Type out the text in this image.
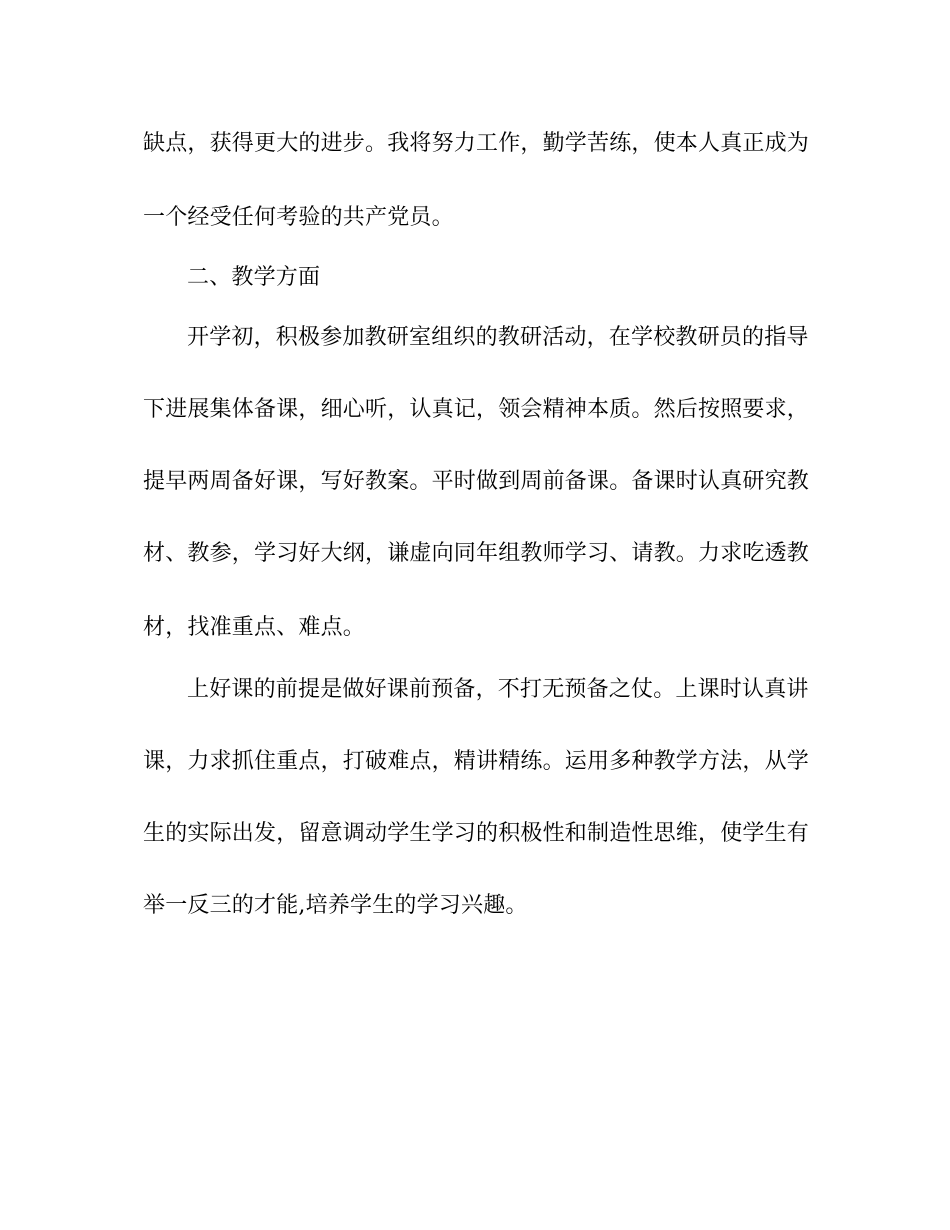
缺点，获得更大的进步。我将努力工作，勤学苦练，使本人真正成为
一个经受任何考验的共产党员。
二、教学方面
开学初，积极参加教研室组织的教研活动，在学校教研员的指导
下进展集体备课，细心听，认真记，领会精神本质。然后按照要求，
提早两周备好课，写好教案。平时做到周前备课。备课时认真研究教
材、教参，学习好大纲，谦虚向同年组教师学习、请教。力求吃透教
材，找准重点、难点。
上好课的前提是做好课前预备，不打无预备之仗。上课时认真讲
课，力求抓住重点，打破难点，精讲精练。运用多种教学方法，从学
生的实际出发，留意调动学生学习的积极性和制造性思维，使学生有
举一反三的才能,培养学生的学习兴趣。
